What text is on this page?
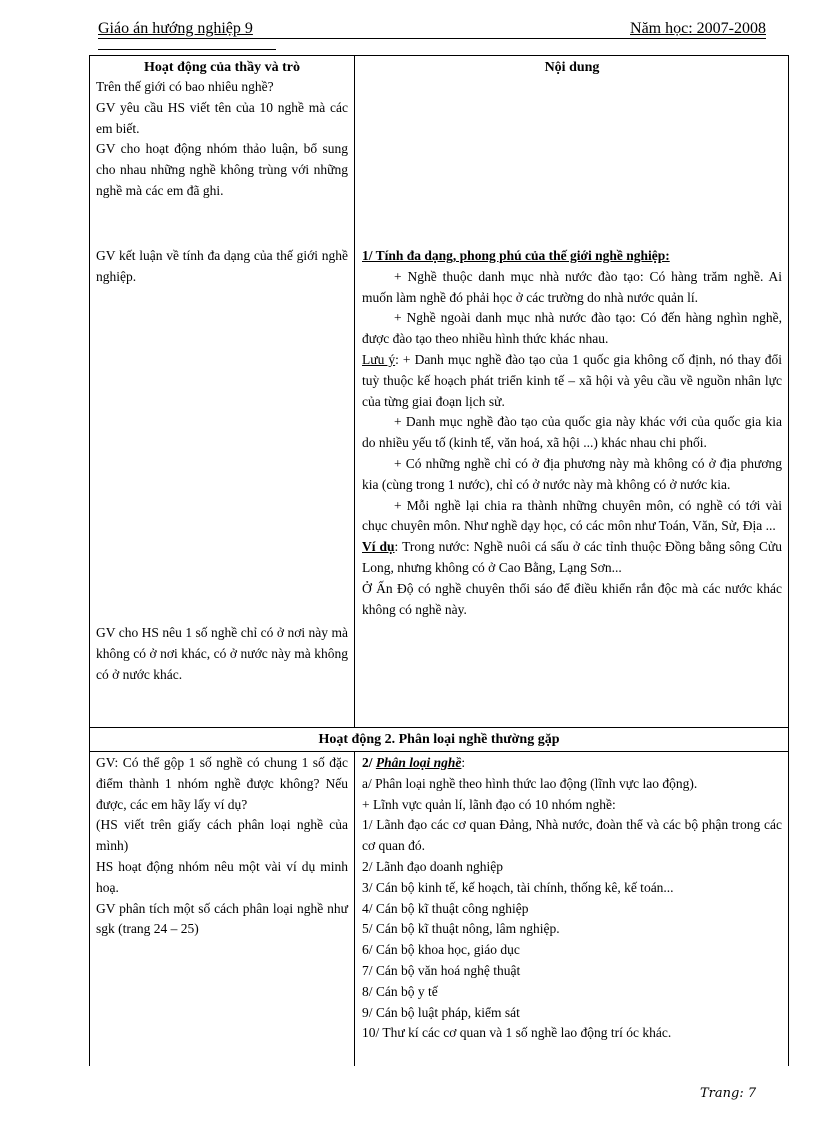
Giáo án hướng nghiệp 9	Năm học: 2007-2008
Hoạt động của thầy và trò	Nội dung

Trên thế giới có bao nhiêu nghề?

GV yêu cầu HS viết tên của 10 nghề mà các em biết.

GV cho hoạt động nhóm thảo luận, bổ sung cho nhau những nghề không trùng với những nghề mà các em đã ghi.

GV kết luận về tính đa dạng của thế giới nghề nghiệp.

GV cho HS nêu 1 số nghề chỉ có ở nơi này mà không có ở nơi khác, có ở nước này mà không có ở nước khác.

1/ Tính đa dạng, phong phú của thế giới nghề nghiệp:

+ Nghề thuộc danh mục nhà nước đào tạo: Có hàng trăm nghề. Ai muốn làm nghề đó phải học ở các trường do nhà nước quản lí.

+ Nghề ngoài danh mục nhà nước đào tạo: Có đến hàng nghìn nghề, được đào tạo theo nhiều hình thức khác nhau.

Lưu ý: + Danh mục nghề đào tạo của 1 quốc gia không cố định, nó thay đổi tuỳ thuộc kế hoạch phát triển kinh tế – xã hội và yêu cầu về nguồn nhân lực của từng giai đoạn lịch sử.

+ Danh mục nghề đào tạo của quốc gia này khác với của quốc gia kia do nhiều yếu tố (kinh tế, văn hoá, xã hội ...) khác nhau chi phối.

+ Có những nghề chỉ có ở địa phương này mà không có ở địa phương kia (cùng trong 1 nước), chỉ có ở nước này mà không có ở nước kia.

+ Mỗi nghề lại chia ra thành những chuyên môn, có nghề có tới vài chục chuyên môn. Như nghề dạy học, có các môn như Toán, Văn, Sử, Địa ...

Ví dụ: Trong nước: Nghề nuôi cá sấu ở các tỉnh thuộc Đồng bằng sông Cửu Long, nhưng không có ở Cao Bằng, Lạng Sơn...

Ở Ấn Độ có nghề chuyên thổi sáo để điều khiển rắn độc mà các nước khác không có nghề này.

Hoạt động 2. Phân loại nghề thường gặp

GV: Có thể gộp 1 số nghề có chung 1 số đặc điểm thành 1 nhóm nghề được không? Nếu được, các em hãy lấy ví dụ?

(HS viết trên giấy cách phân loại nghề của mình)

HS hoạt động nhóm nêu một vài ví dụ minh hoạ.

GV phân tích một số cách phân loại nghề như sgk (trang 24 – 25)

2/ Phân loại nghề:

a/ Phân loại nghề theo hình thức lao động (lĩnh vực lao động).

+ Lĩnh vực quản lí, lãnh đạo có 10 nhóm nghề:

1/ Lãnh đạo các cơ quan Đảng, Nhà nước, đoàn thể và các bộ phận trong các cơ quan đó.

2/ Lãnh đạo doanh nghiệp

3/ Cán bộ kinh tế, kế hoạch, tài chính, thống kê, kế toán...

4/ Cán bộ kĩ thuật công nghiệp

5/ Cán bộ kĩ thuật nông, lâm nghiệp.

6/ Cán bộ khoa học, giáo dục

7/ Cán bộ văn hoá nghệ thuật

8/ Cán bộ y tế

9/ Cán bộ luật pháp, kiểm sát

10/ Thư kí các cơ quan và 1 số nghề lao động trí óc khác.

Trang: 7
